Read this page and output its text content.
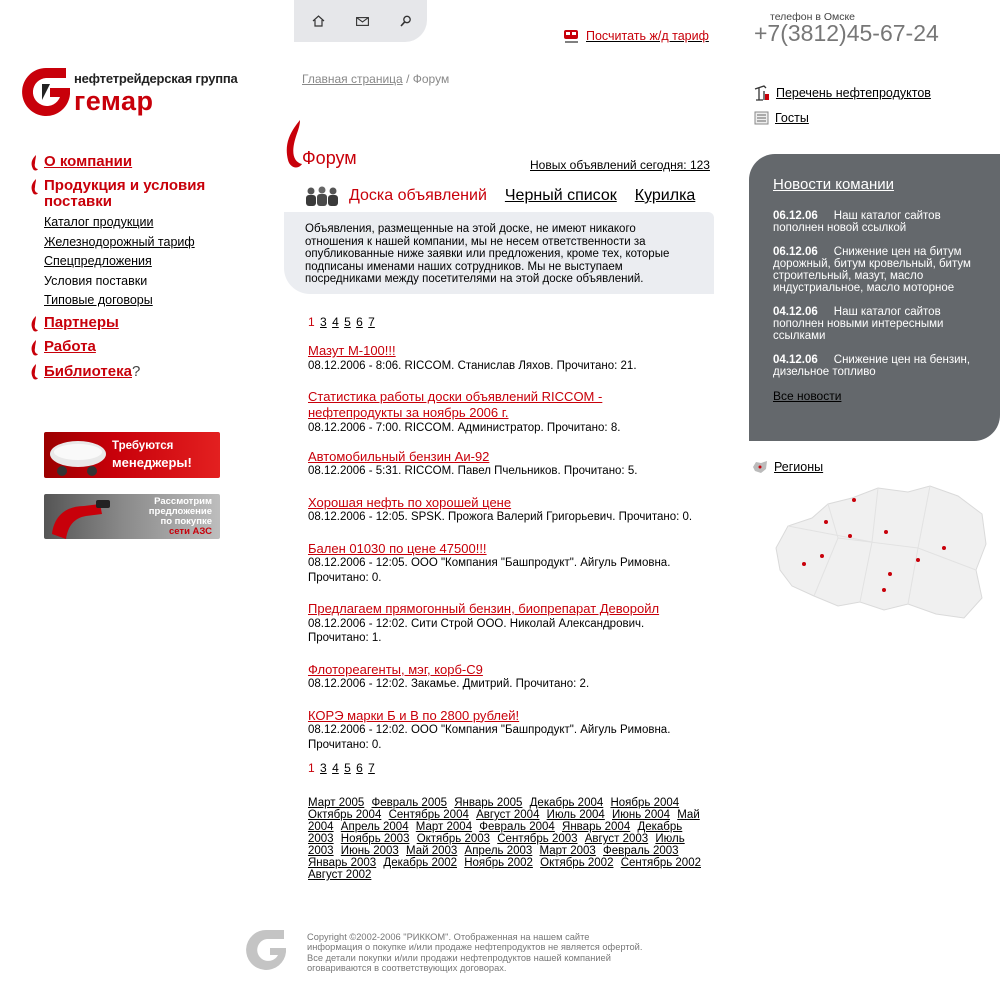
Посчитать ж/д тариф
телефон в Омске
+7(3812)45-67-24
нефтетрейдерская группа
гемар
Главная страница / Форум
О компании
Продукция и условия поставки
Каталог продукции
Железнодорожный тариф
Спецпредложения
Условия поставки
Типовые договоры
Партнеры
Работа
Библиотека?
Требуются
менеджеры!
Рассмотрим
предложение
по покупке
сети АЗС
Форум	Новых объявлений сегодня: 123
Доска объявлений Черный список Курилка
Объявления, размещенные на этой доске, не имеют никакого отношения к нашей компании, мы не несем ответственности за опубликованные ниже заявки или предложения, кроме тех, которые подписаны именами наших сотрудников. Мы не выступаем посредниками между посетителями на этой доске объявлений.
1 3 4 5 6 7
Мазут М-100!!!
08.12.2006 - 8:06. RICCOM. Станислав Ляхов. Прочитано: 21.
Статистика работы доски объявлений RICCOM - нефтепродукты за ноябрь 2006 г.
08.12.2006 - 7:00. RICCOM. Администратор. Прочитано: 8.
Автомобильный бензин Аи-92
08.12.2006 - 5:31. RICCOM. Павел Пчельников. Прочитано: 5.
Хорошая нефть по хорошей цене
08.12.2006 - 12:05. SPSK. Прожога Валерий Григорьевич. Прочитано: 0.
Бален 01030 по цене 47500!!!
08.12.2006 - 12:05. ООО "Компания "Башпродукт". Айгуль Римовна. Прочитано: 0.
Предлагаем прямогонный бензин, биопрепарат Деворойл
08.12.2006 - 12:02. Сити Строй ООО. Николай Александрович. Прочитано: 1.
Флотореагенты, мэг, корб-С9
08.12.2006 - 12:02. Закамье. Дмитрий. Прочитано: 2.
КОРЭ марки Б и В по 2800 рублей!
08.12.2006 - 12:02. ООО "Компания "Башпродукт". Айгуль Римовна. Прочитано: 0.
1 3 4 5 6 7
Март 2005 Февраль 2005 Январь 2005 Декабрь 2004 Ноябрь 2004 Октябрь 2004 Сентябрь 2004 Август 2004 Июль 2004 Июнь 2004 Май 2004 Апрель 2004 Март 2004 Февраль 2004 Январь 2004 Декабрь 2003 Ноябрь 2003 Октябрь 2003 Сентябрь 2003 Август 2003 Июль 2003 Июнь 2003 Май 2003 Апрель 2003 Март 2003 Февраль 2003 Январь 2003 Декабрь 2002 Ноябрь 2002 Октябрь 2002 Сентябрь 2002 Август 2002
Copyright ©2002-2006 "РИККОМ". Отображенная на нашем сайте информация о покупке и/или продаже нефтепродуктов не является офертой. Все детали покупки и/или продажи нефтепродуктов нашей компанией оговариваются в соответствующих договорах.
Перечень нефтепродуктов
Госты
Новости комании
06.12.06 Наш каталог сайтов пополнен новой ссылкой
06.12.06 Снижение цен на битум дорожный, битум кровельный, битум строительный, мазут, масло индустриальное, масло моторное
04.12.06 Наш каталог сайтов пополнен новыми интересными ссылками
04.12.06 Снижение цен на бензин, дизельное топливо
Все новости
Регионы
